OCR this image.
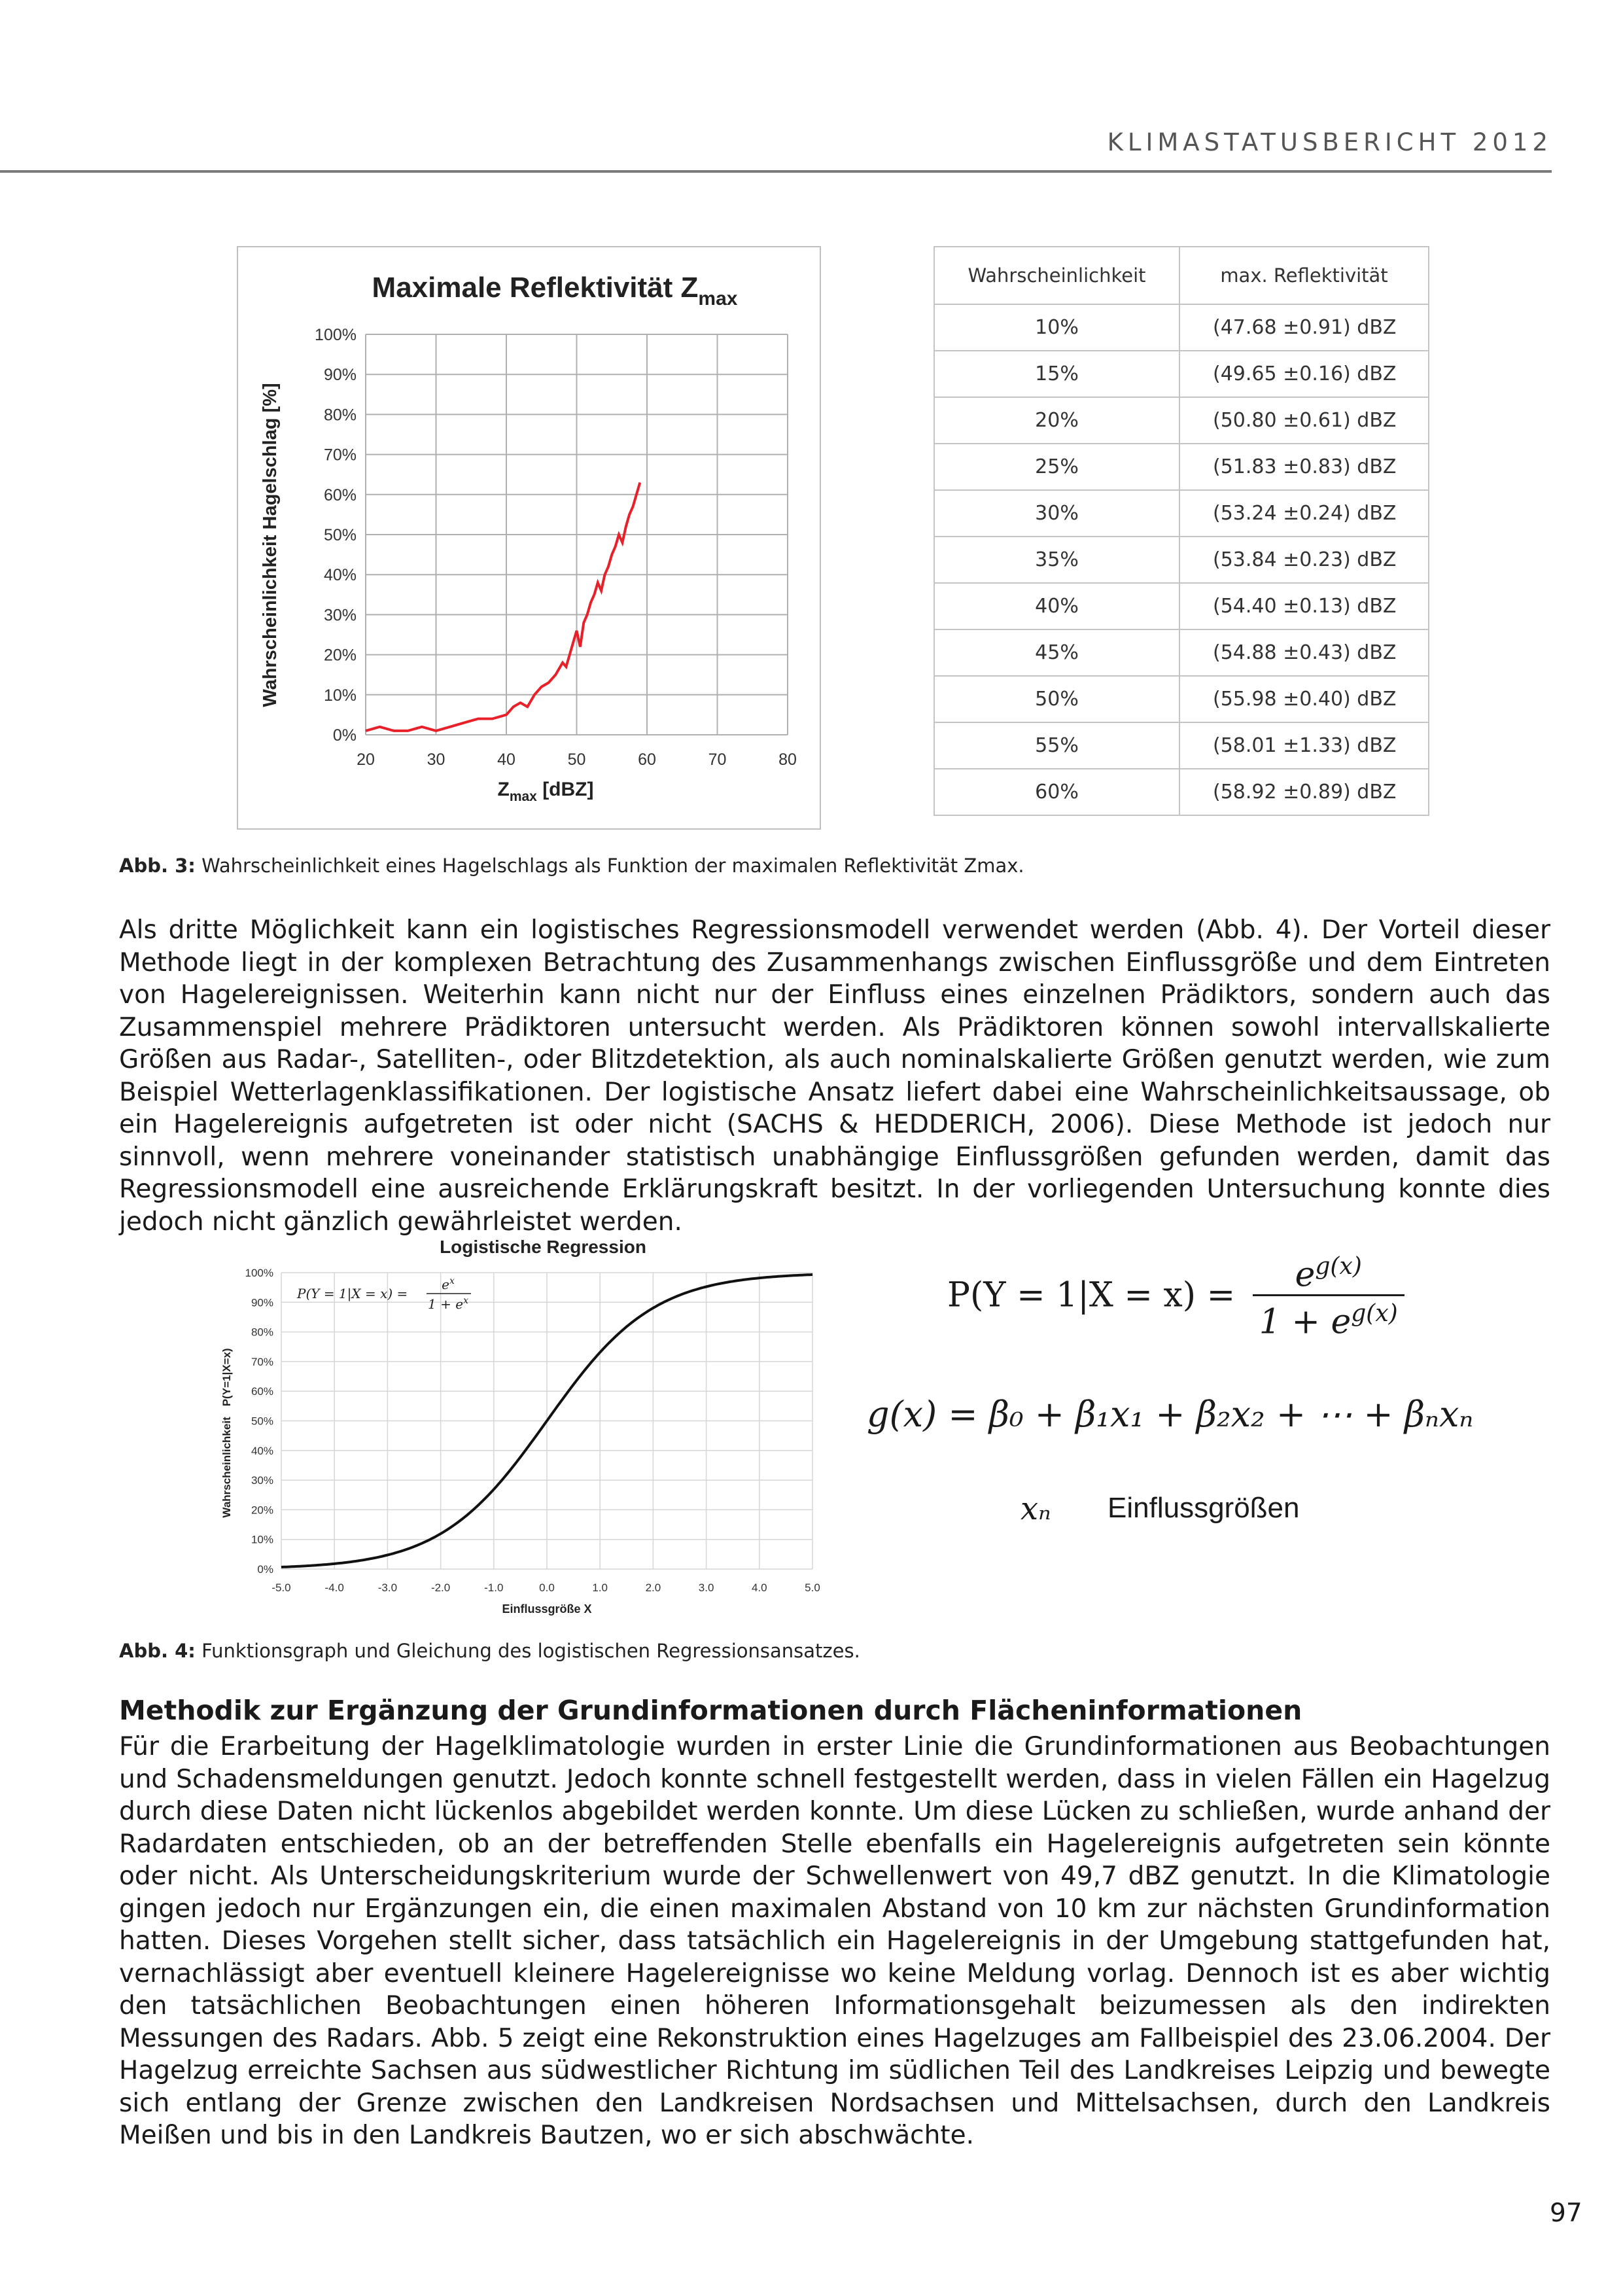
KLIMASTATUSBERICHT 2012
Maximale Reflektivität $Z_{max}$
0%
10%
20%
30%
40%
50%
60%
70%
80%
90%
100%
20	30	40	50	60	70	80
Wahrscheinlichkeit Hagelschlag [%]
$Z_{max}$ [dBZ]
Wahrscheinlichkeit	max. Reflektivität
10%	(47.68 ±0.91) dBZ
15%	(49.65 ±0.16) dBZ
20%	(50.80 ±0.61) dBZ
25%	(51.83 ±0.83) dBZ
30%	(53.24 ±0.24) dBZ
35%	(53.84 ±0.23) dBZ
40%	(54.40 ±0.13) dBZ
45%	(54.88 ±0.43) dBZ
50%	(55.98 ±0.40) dBZ
55%	(58.01 ±1.33) dBZ
60%	(58.92 ±0.89) dBZ
Abb. 3: Wahrscheinlichkeit eines Hagelschlags als Funktion der maximalen Reflektivität Zmax.
Als dritte Möglichkeit kann ein logistisches Regressionsmodell verwendet werden (Abb. 4). Der Vorteil dieser Methode liegt in der komplexen Betrachtung des Zusammenhangs zwischen Einflussgröße und dem Eintreten von Hagelereignissen. Weiterhin kann nicht nur der Einfluss eines einzelnen Prädiktors, sondern auch das Zusammenspiel mehrere Prädiktoren untersucht werden. Als Prädiktoren können sowohl intervallskalierte Größen aus Radar-, Satelliten-, oder Blitzdetektion, als auch nominalskalierte Größen genutzt werden, wie zum Beispiel Wetterlagenklassifikationen. Der logistische Ansatz liefert dabei eine Wahrscheinlichkeitsaussage, ob ein Hagelereignis aufgetreten ist oder nicht (SACHS & HEDDERICH, 2006). Diese Methode ist jedoch nur sinnvoll, wenn mehrere voneinander statistisch unabhängige Einflussgrößen gefunden werden, damit das Regressionsmodell eine ausreichende Erklärungskraft besitzt. In der vorliegenden Untersuchung konnte dies jedoch nicht gänzlich gewährleistet werden.
Logistische Regression
0%
10%
20%
30%
40%
50%
60%
70%
80%
90%
100%
-5.0	-4.0	-3.0	-2.0	-1.0	0.0	1.0	2.0	3.0	4.0	5.0
WahrscheinlichkeitP(Y=1|X=x)
Einflussgröße X
P(Y = 1|X = x) =
$e^x$
$1 + e^x$	$P(Y = 1|X = x) = \frac{e^{g(x)}}{1 + e^{g(x)}}$
g(x) = β₀ + β₁x₁ + β₂x₂ + ⋯ + βₙxₙ
xₙ Einflussgrößen
Abb. 4: Funktionsgraph und Gleichung des logistischen Regressionsansatzes.
Methodik zur Ergänzung der Grundinformationen durch Flächeninformationen
Für die Erarbeitung der Hagelklimatologie wurden in erster Linie die Grundinformationen aus Beobachtungen und Schadensmeldungen genutzt. Jedoch konnte schnell festgestellt werden, dass in vielen Fällen ein Hagelzug durch diese Daten nicht lückenlos abgebildet werden konnte. Um diese Lücken zu schließen, wurde anhand der Radardaten entschieden, ob an der betreffenden Stelle ebenfalls ein Hagelereignis aufgetreten sein könnte oder nicht. Als Unterscheidungskriterium wurde der Schwellenwert von 49,7 dBZ genutzt. In die Klimatologie gingen jedoch nur Ergänzungen ein, die einen maximalen Abstand von 10 km zur nächsten Grundinformation hatten. Dieses Vorgehen stellt sicher, dass tatsächlich ein Hagelereignis in der Umgebung stattgefunden hat, vernachlässigt aber eventuell kleinere Hagelereignisse wo keine Meldung vorlag. Dennoch ist es aber wichtig den tatsächlichen Beobachtungen einen höheren Informationsgehalt beizumessen als den indirekten Messungen des Radars. Abb. 5 zeigt eine Rekonstruktion eines Hagelzuges am Fallbeispiel des 23.06.2004. Der Hagelzug erreichte Sachsen aus südwestlicher Richtung im südlichen Teil des Landkreises Leipzig und bewegte sich entlang der Grenze zwischen den Landkreisen Nordsachsen und Mittelsachsen, durch den Landkreis Meißen und bis in den Landkreis Bautzen, wo er sich abschwächte.
97
